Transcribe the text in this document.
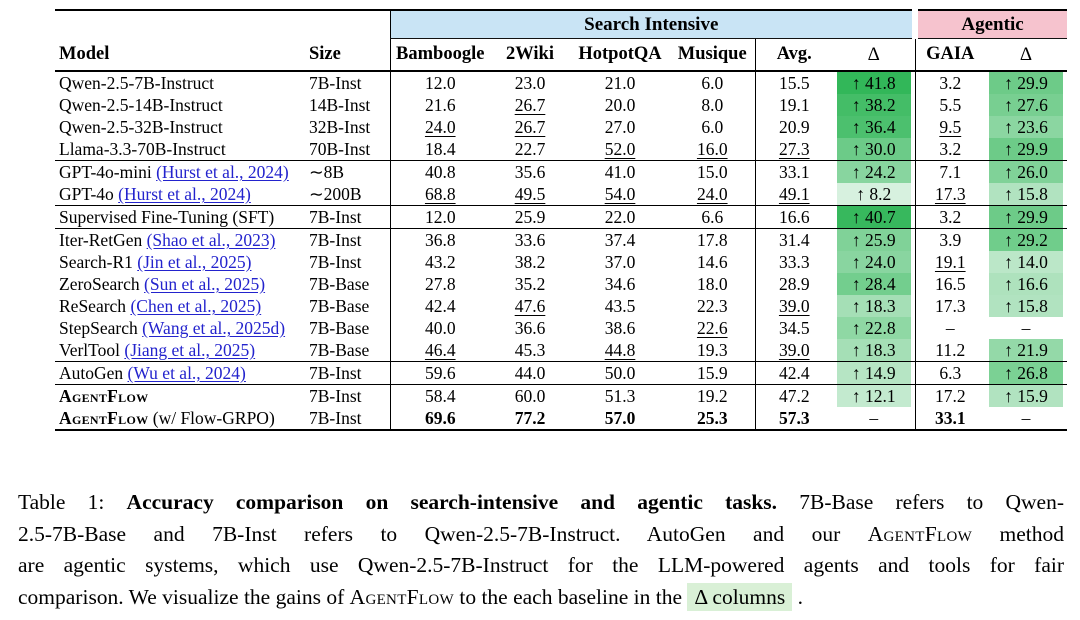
		Search Intensive						Agentic	
Model	Size	Bamboogle	2Wiki	HotpotQA	Musique	Avg.	Δ	GAIA	Δ
Qwen-2.5-7B-Instruct	7B-Inst	12.0	23.0	21.0	6.0	15.5	↑ 41.8	3.2	↑ 29.9

Qwen-2.5-14B-Instruct	14B-Inst	21.6	26.7	20.0	8.0	19.1	↑ 38.2	5.5	↑ 27.6

Qwen-2.5-32B-Instruct	32B-Inst	24.0	26.7	27.0	6.0	20.9	↑ 36.4	9.5	↑ 23.6

Llama-3.3-70B-Instruct	70B-Inst	18.4	22.7	52.0	16.0	27.3	↑ 30.0	3.2	↑ 29.9

GPT-4o-mini (Hurst et al., 2024)	∼8B	40.8	35.6	41.0	15.0	33.1	↑ 24.2	7.1	↑ 26.0

GPT-4o (Hurst et al., 2024)	∼200B	68.8	49.5	54.0	24.0	49.1	↑ 8.2	17.3	↑ 15.8

Supervised Fine-Tuning (SFT)	7B-Inst	12.0	25.9	22.0	6.6	16.6	↑ 40.7	3.2	↑ 29.9

Iter-RetGen (Shao et al., 2023)	7B-Inst	36.8	33.6	37.4	17.8	31.4	↑ 25.9	3.9	↑ 29.2

Search-R1 (Jin et al., 2025)	7B-Inst	43.2	38.2	37.0	14.6	33.3	↑ 24.0	19.1	↑ 14.0

ZeroSearch (Sun et al., 2025)	7B-Base	27.8	35.2	34.6	18.0	28.9	↑ 28.4	16.5	↑ 16.6

ReSearch (Chen et al., 2025)	7B-Base	42.4	47.6	43.5	22.3	39.0	↑ 18.3	17.3	↑ 15.8

StepSearch (Wang et al., 2025d)	7B-Base	40.0	36.6	38.6	22.6	34.5	↑ 22.8	–	–
VerlTool (Jiang et al., 2025)	7B-Base	46.4	45.3	44.8	19.3	39.0	↑ 18.3	11.2	↑ 21.9

AutoGen (Wu et al., 2024)	7B-Inst	59.6	44.0	50.0	15.9	42.4	↑ 14.9	6.3	↑ 26.8

AgentFlow	7B-Inst	58.4	60.0	51.3	19.2	47.2	↑ 12.1	17.2	↑ 15.9

AgentFlow (w/ Flow-GRPO)	7B-Inst	69.6	77.2	57.0	25.3	57.3	–	33.1	–
Table 1: Accuracy comparison on search-intensive and agentic tasks. 7B-Base refers to Qwen-
2.5-7B-Base and 7B-Inst refers to Qwen-2.5-7B-Instruct. AutoGen and our AgentFlow method
are agentic systems, which use Qwen-2.5-7B-Instruct for the LLM-powered agents and tools for fair
comparison. We visualize the gains of AgentFlow to the each baseline in the Δ columns .
